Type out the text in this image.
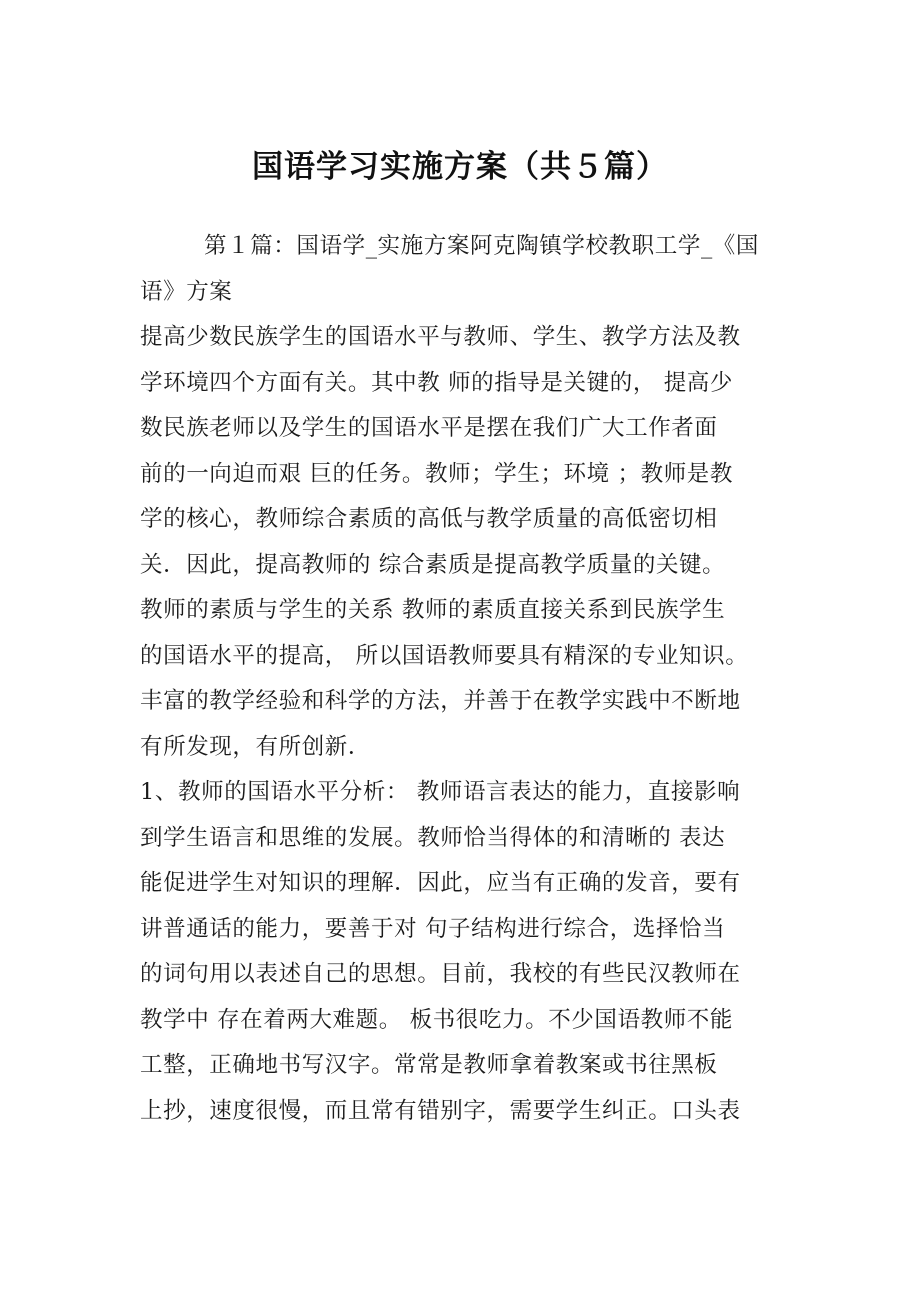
国语学习实施方案（共５篇）
第１篇：国语学_实施方案阿克陶镇学校教职工学_《国
语》方案
提高少数民族学生的国语水平与教师、学生、教学方法及教
学环境四个方面有关。其中教 师的指导是关键的， 提高少
数民族老师以及学生的国语水平是摆在我们广大工作者面
前的一向迫而艰 巨的任务。教师；学生；环境 ；教师是教
学的核心，教师综合素质的高低与教学质量的高低密切相
关．因此，提高教师的 综合素质是提高教学质量的关键。
教师的素质与学生的关系 教师的素质直接关系到民族学生
的国语水平的提高， 所以国语教师要具有精深的专业知识。
丰富的教学经验和科学的方法，并善于在教学实践中不断地
有所发现，有所创新．
1、教师的国语水平分析： 教师语言表达的能力，直接影响
到学生语言和思维的发展。教师恰当得体的和清晰的 表达
能促进学生对知识的理解．因此，应当有正确的发音，要有
讲普通话的能力，要善于对 句子结构进行综合，选择恰当
的词句用以表述自己的思想。目前，我校的有些民汉教师在
教学中 存在着两大难题。 板书很吃力。不少国语教师不能
工整，正确地书写汉字。常常是教师拿着教案或书往黑板
上抄，速度很慢，而且常有错别字，需要学生纠正。口头表
